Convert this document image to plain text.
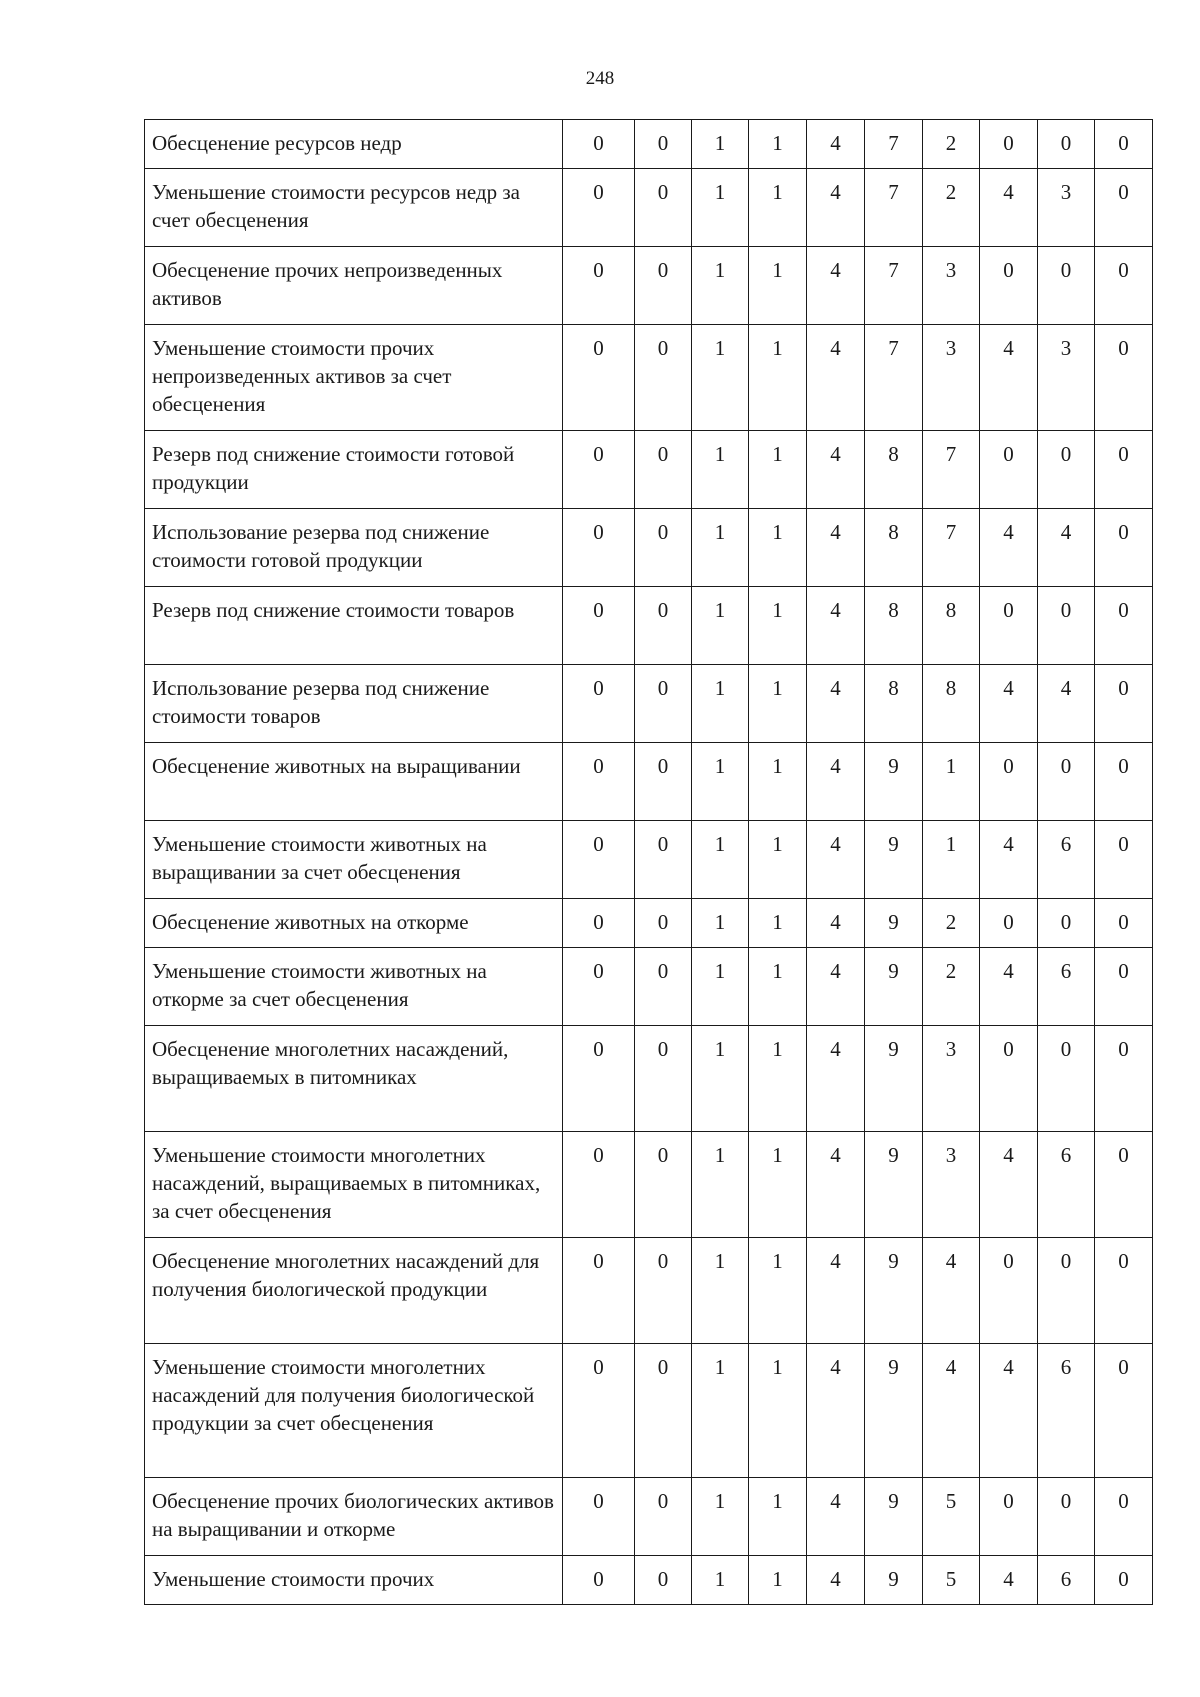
248
Обесценение ресурсов недр	0	0	1	1	4	7	2	0	0	0
Уменьшение стоимости ресурсов недр за счет обесценения	0	0	1	1	4	7	2	4	3	0
Обесценение прочих непроизведенных активов	0	0	1	1	4	7	3	0	0	0
Уменьшение стоимости прочих непроизведенных активов за счет обесценения	0	0	1	1	4	7	3	4	3	0
Резерв под снижение стоимости готовой продукции	0	0	1	1	4	8	7	0	0	0
Использование резерва под снижение стоимости готовой продукции	0	0	1	1	4	8	7	4	4	0
Резерв под снижение стоимости товаров	0	0	1	1	4	8	8	0	0	0
Использование резерва под снижение стоимости товаров	0	0	1	1	4	8	8	4	4	0
Обесценение животных на выращивании	0	0	1	1	4	9	1	0	0	0
Уменьшение стоимости животных на выращивании за счет обесценения	0	0	1	1	4	9	1	4	6	0
Обесценение животных на откорме	0	0	1	1	4	9	2	0	0	0
Уменьшение стоимости животных на откорме за счет обесценения	0	0	1	1	4	9	2	4	6	0
Обесценение многолетних насаждений, выращиваемых в питомниках	0	0	1	1	4	9	3	0	0	0
Уменьшение стоимости многолетних насаждений, выращиваемых в питомниках, за счет обесценения	0	0	1	1	4	9	3	4	6	0
Обесценение многолетних насаждений для получения биологической продукции	0	0	1	1	4	9	4	0	0	0
Уменьшение стоимости многолетних насаждений для получения биологической продукции за счет обесценения	0	0	1	1	4	9	4	4	6	0
Обесценение прочих биологических активов на выращивании и откорме	0	0	1	1	4	9	5	0	0	0
Уменьшение стоимости прочих	0	0	1	1	4	9	5	4	6	0
